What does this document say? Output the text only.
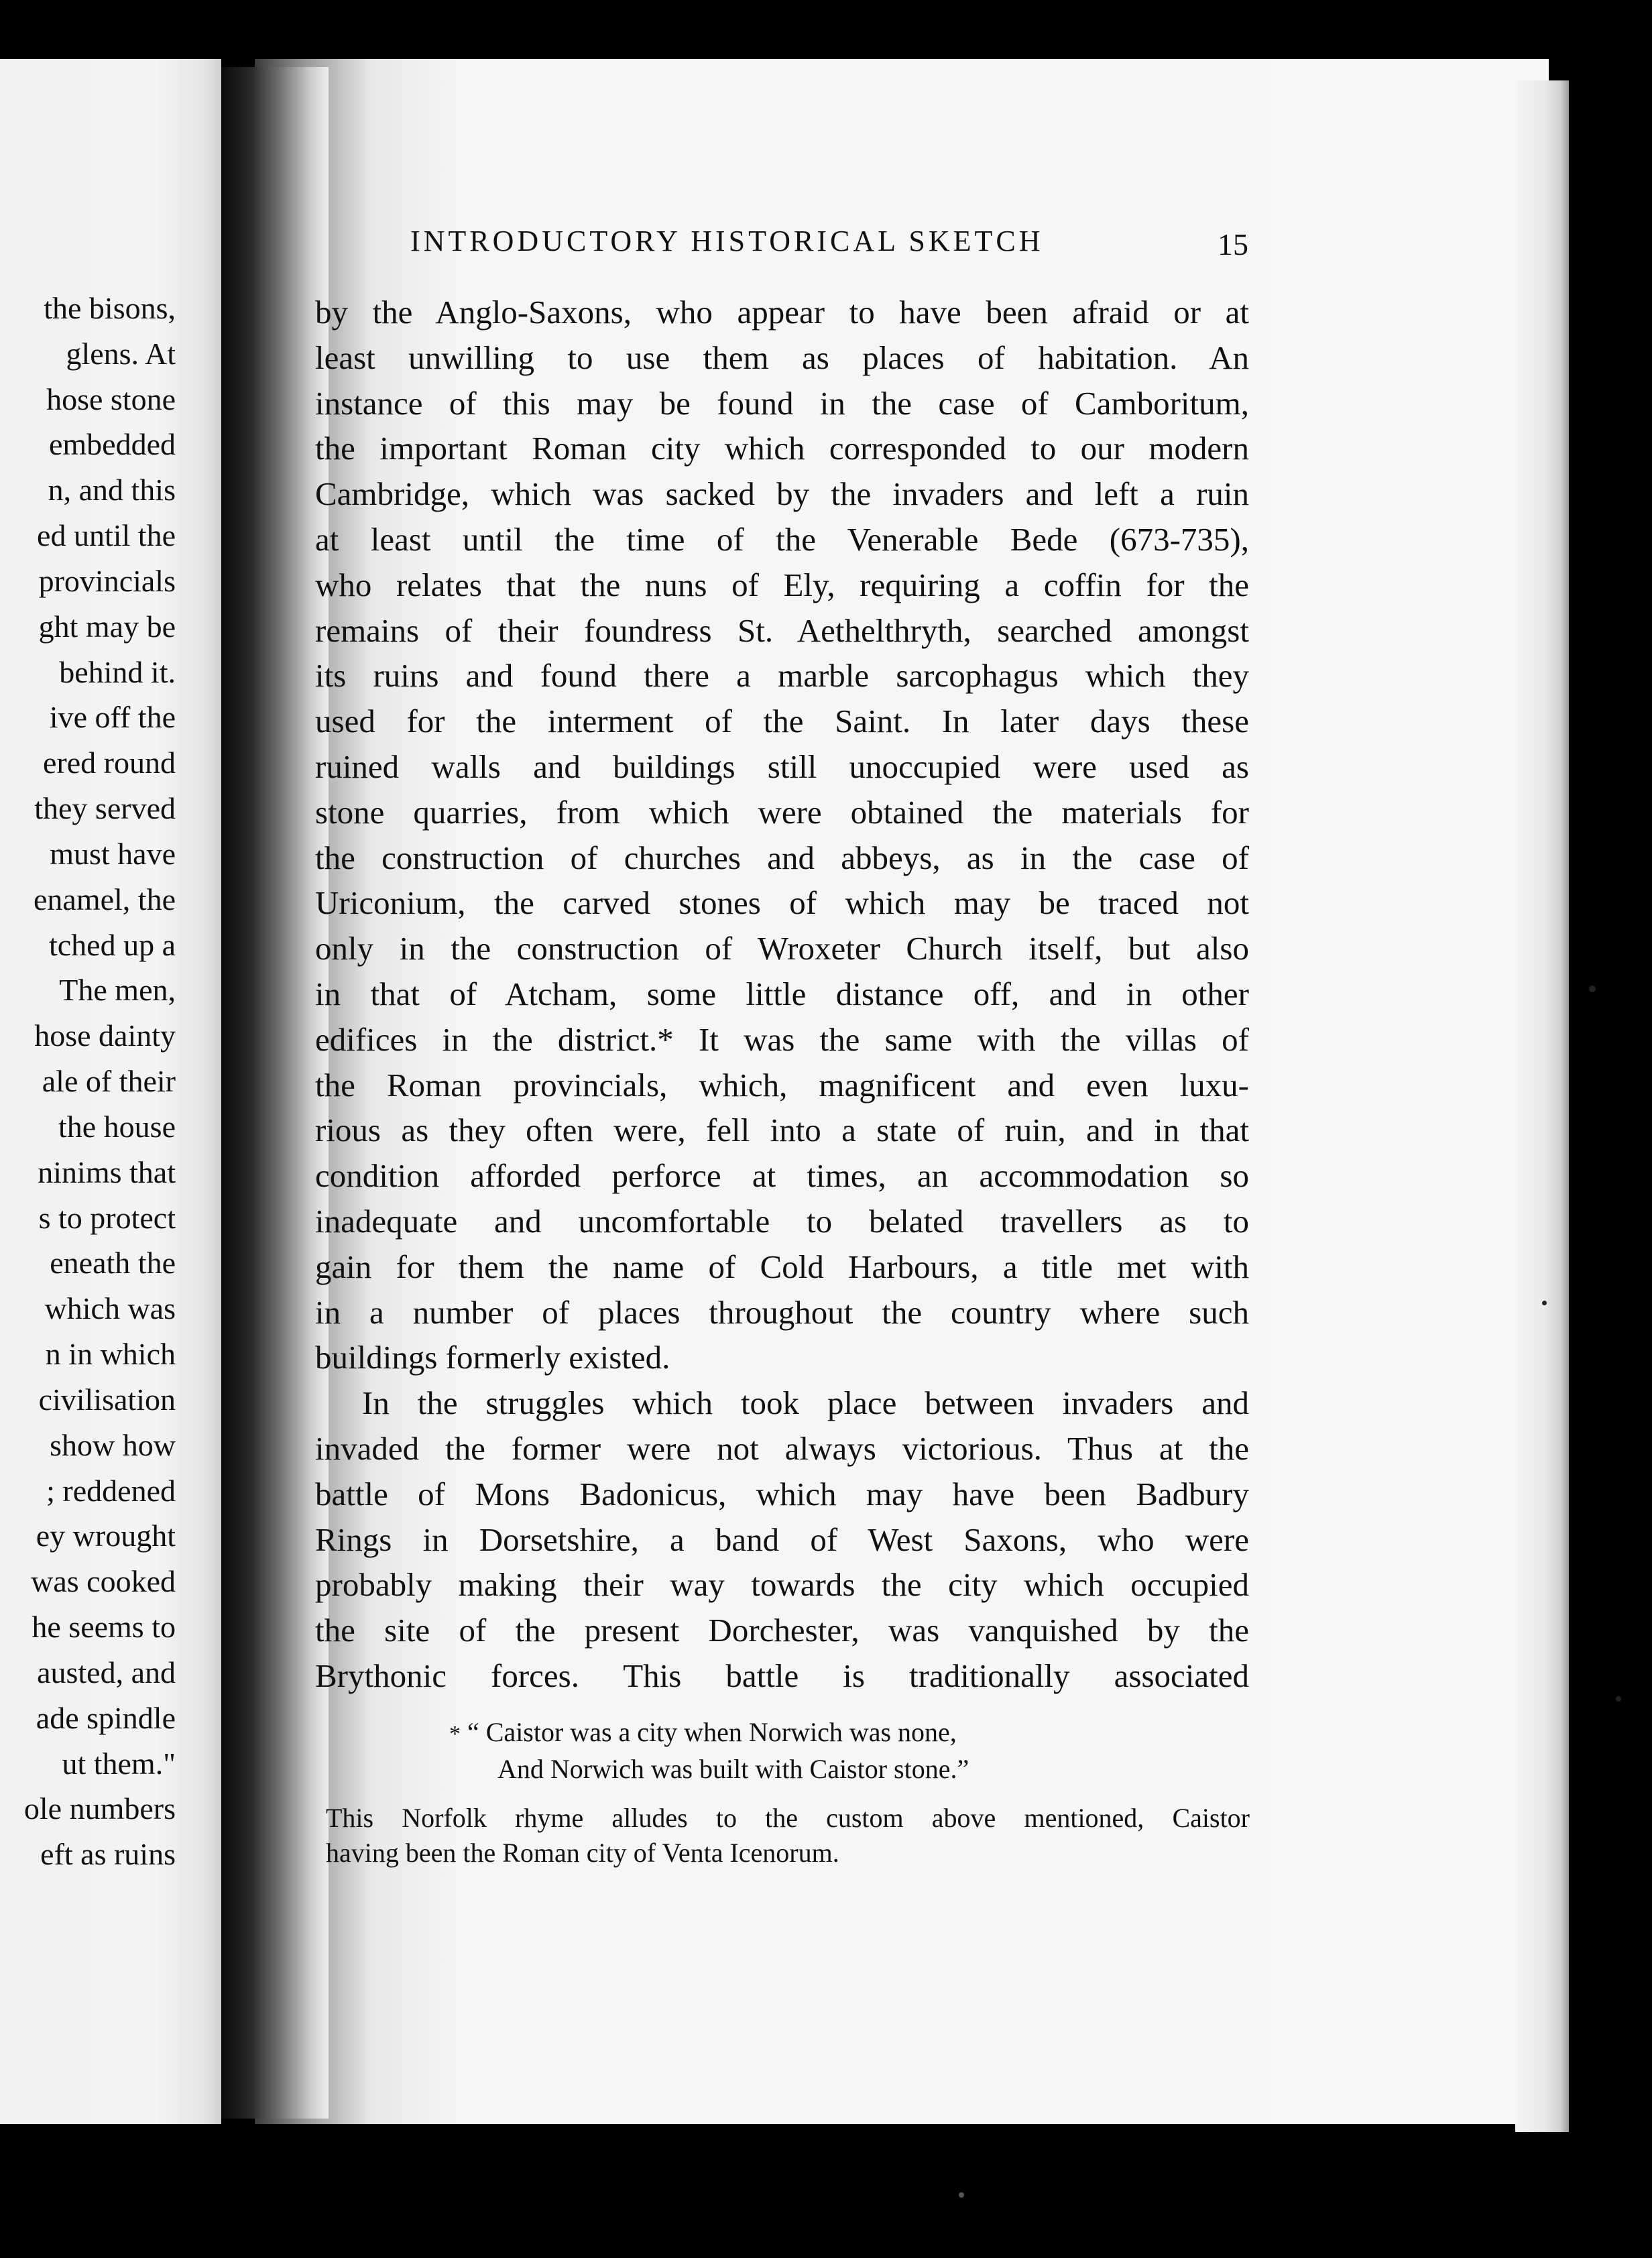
the bisons,
glens. At
hose stone
embedded
n, and this
ed until the
provincials
ght may be
behind it.
ive off the
ered round
they served
must have
enamel, the
tched up a
The men,
hose dainty
ale of their
the house
ninims that
s to protect
eneath the
which was
n in which
civilisation
show how
; reddened
ey wrought
was cooked
he seems to
austed, and
ade spindle
ut them."
ole numbers
eft as ruins
INTRODUCTORY HISTORICAL SKETCH	15
by the Anglo-Saxons, who appear to have been afraid or at
least unwilling to use them as places of habitation. An
instance of this may be found in the case of Camboritum,
the important Roman city which corresponded to our modern
Cambridge, which was sacked by the invaders and left a ruin
at least until the time of the Venerable Bede (673-735),
who relates that the nuns of Ely, requiring a coffin for the
remains of their foundress St. Aethelthryth, searched amongst
its ruins and found there a marble sarcophagus which they
used for the interment of the Saint. In later days these
ruined walls and buildings still unoccupied were used as
stone quarries, from which were obtained the materials for
the construction of churches and abbeys, as in the case of
Uriconium, the carved stones of which may be traced not
only in the construction of Wroxeter Church itself, but also
in that of Atcham, some little distance off, and in other
edifices in the district.* It was the same with the villas of
the Roman provincials, which, magnificent and even luxu-
rious as they often were, fell into a state of ruin, and in that
condition afforded perforce at times, an accommodation so
inadequate and uncomfortable to belated travellers as to
gain for them the name of Cold Harbours, a title met with
in a number of places throughout the country where such
buildings formerly existed.
In the struggles which took place between invaders and
invaded the former were not always victorious. Thus at the
battle of Mons Badonicus, which may have been Badbury
Rings in Dorsetshire, a band of West Saxons, who were
probably making their way towards the city which occupied
the site of the present Dorchester, was vanquished by the
Brythonic forces. This battle is traditionally associated
* “ Caistor was a city when Norwich was none,
And Norwich was built with Caistor stone.”
This Norfolk rhyme alludes to the custom above mentioned, Caistor
having been the Roman city of Venta Icenorum.
